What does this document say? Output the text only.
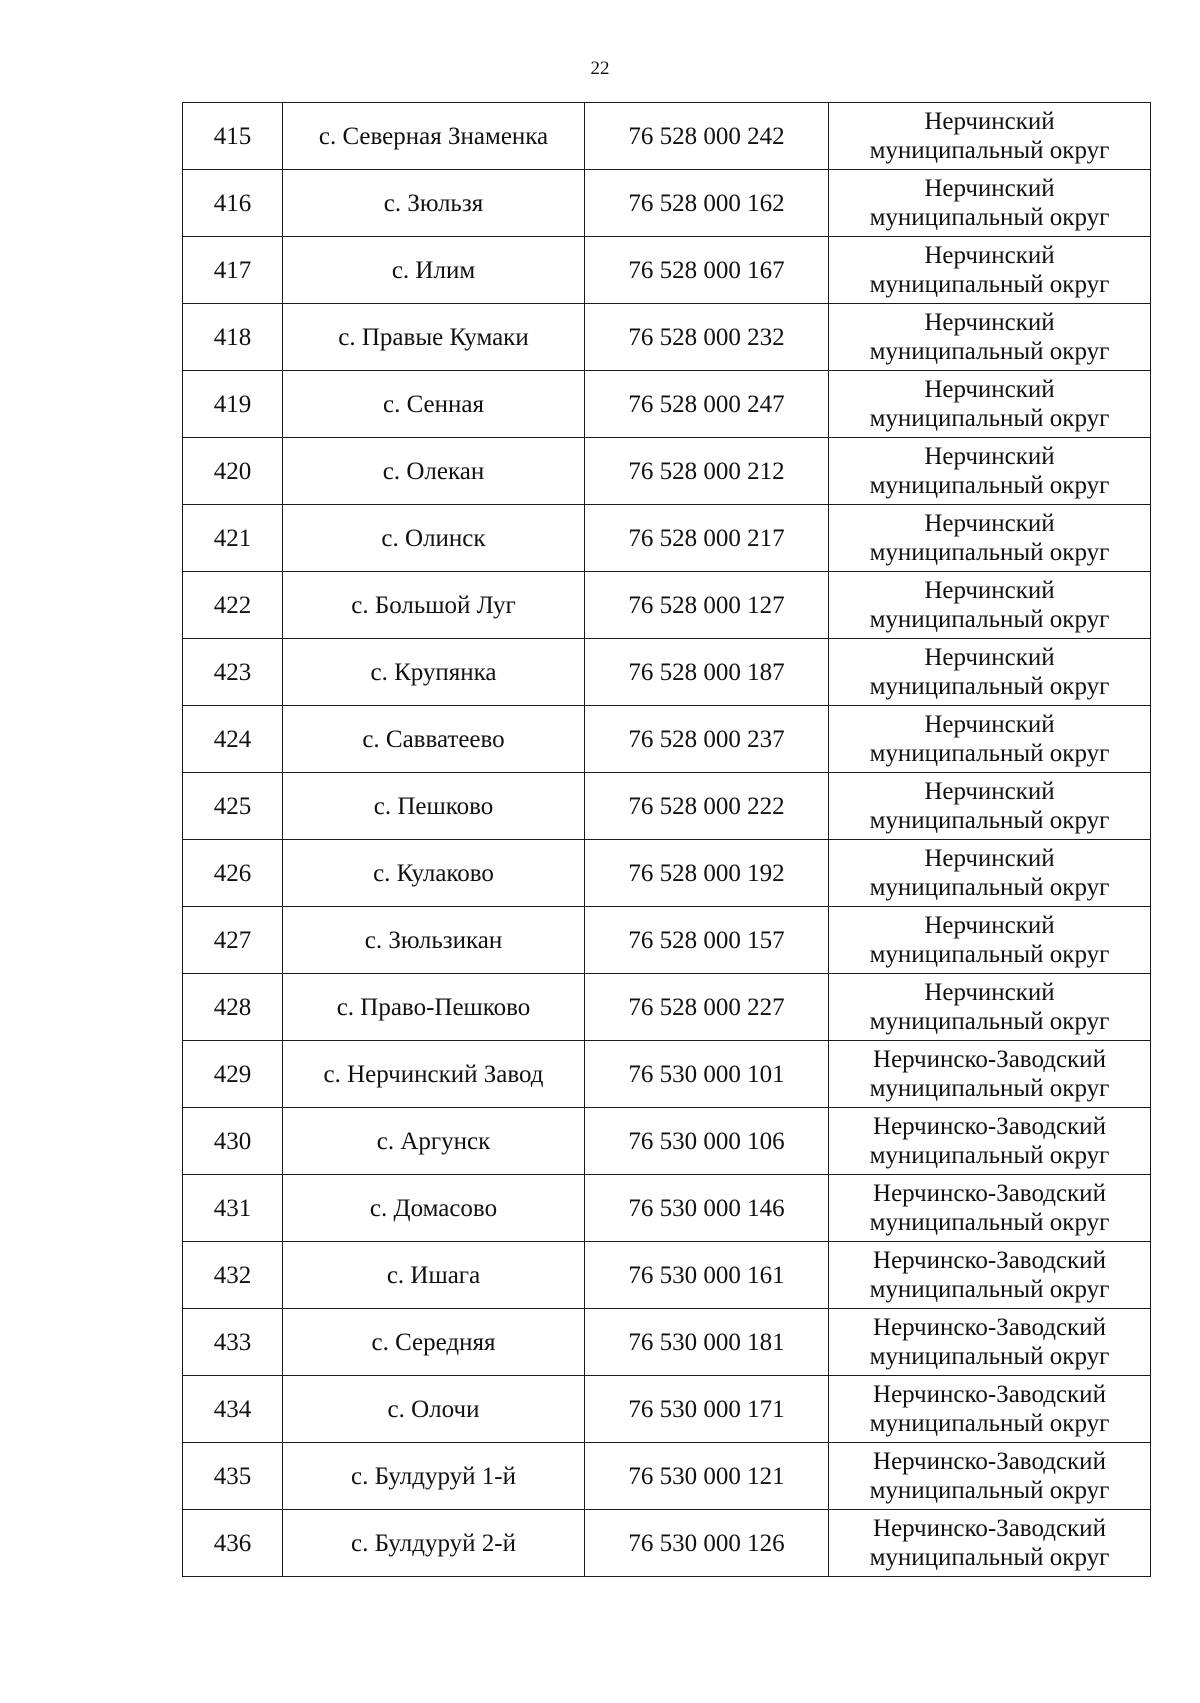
22
415	с. Северная Знаменка	76 528 000 242	Нерчинский
муниципальный округ

416	с. Зюльзя	76 528 000 162	Нерчинский
муниципальный округ

417	с. Илим	76 528 000 167	Нерчинский
муниципальный округ

418	с. Правые Кумаки	76 528 000 232	Нерчинский
муниципальный округ

419	с. Сенная	76 528 000 247	Нерчинский
муниципальный округ

420	с. Олекан	76 528 000 212	Нерчинский
муниципальный округ

421	с. Олинск	76 528 000 217	Нерчинский
муниципальный округ

422	с. Большой Луг	76 528 000 127	Нерчинский
муниципальный округ

423	с. Крупянка	76 528 000 187	Нерчинский
муниципальный округ

424	с. Савватеево	76 528 000 237	Нерчинский
муниципальный округ

425	с. Пешково	76 528 000 222	Нерчинский
муниципальный округ

426	с. Кулаково	76 528 000 192	Нерчинский
муниципальный округ

427	с. Зюльзикан	76 528 000 157	Нерчинский
муниципальный округ

428	с. Право-Пешково	76 528 000 227	Нерчинский
муниципальный округ

429	с. Нерчинский Завод	76 530 000 101	Нерчинско-Заводский
муниципальный округ

430	с. Аргунск	76 530 000 106	Нерчинско-Заводский
муниципальный округ

431	с. Домасово	76 530 000 146	Нерчинско-Заводский
муниципальный округ

432	с. Ишага	76 530 000 161	Нерчинско-Заводский
муниципальный округ

433	с. Середняя	76 530 000 181	Нерчинско-Заводский
муниципальный округ

434	с. Олочи	76 530 000 171	Нерчинско-Заводский
муниципальный округ

435	с. Булдуруй 1-й	76 530 000 121	Нерчинско-Заводский
муниципальный округ

436	с. Булдуруй 2-й	76 530 000 126	Нерчинско-Заводский
муниципальный округ
